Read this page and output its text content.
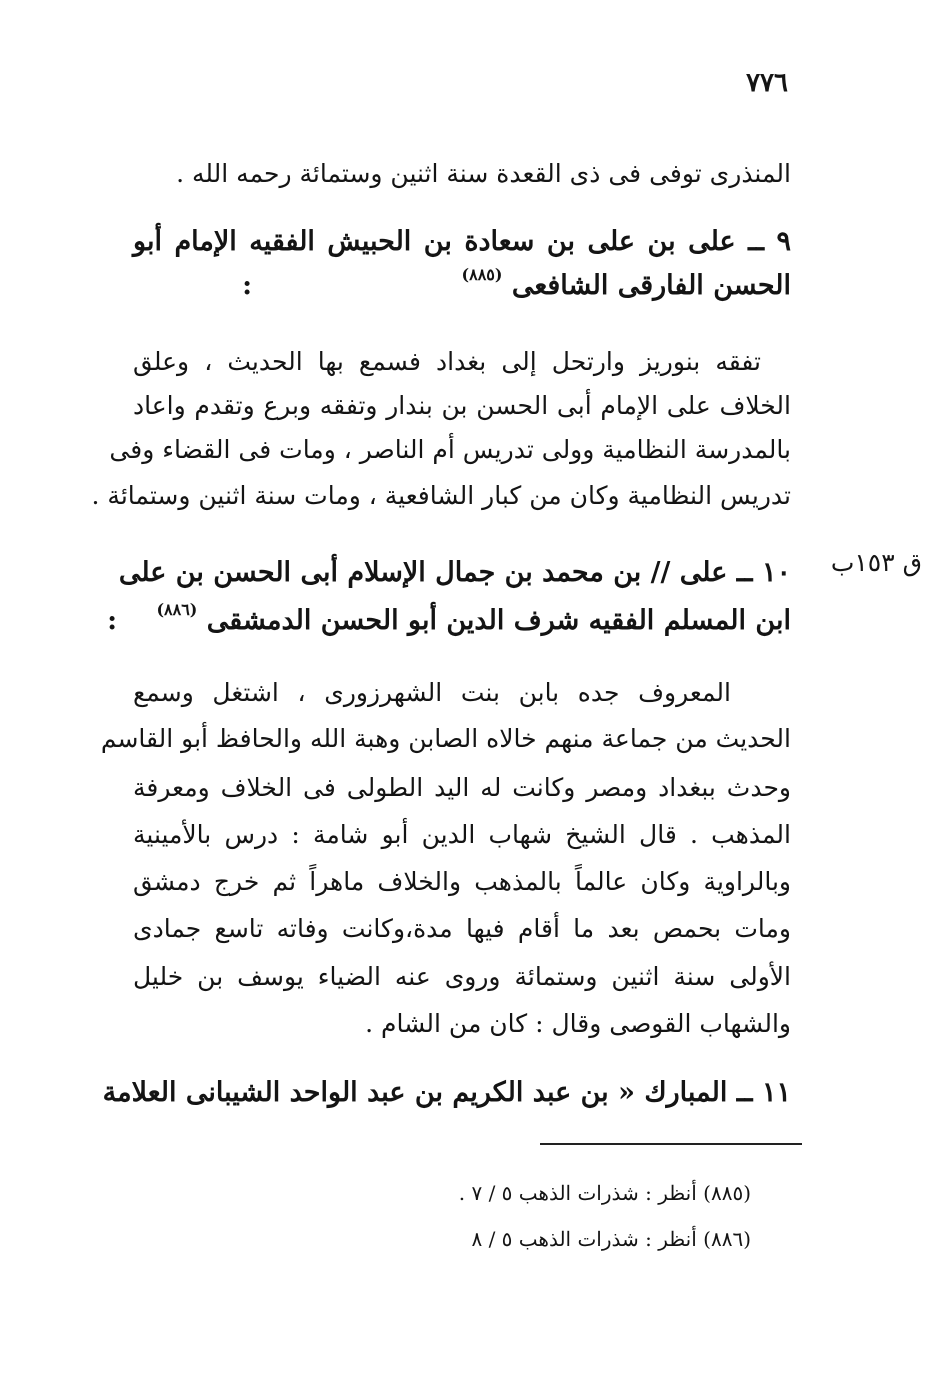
٧٧٦
المنذرى توفى فى ذى القعدة سنة اثنين وستمائة رحمه الله .
٩ ــ على بن على بن سعادة بن الحبيش الفقيه الإمام أبو
الحسن الفارقى الشافعى $^{(٨٨٥)}$ :
تفقه بنوريز وارتحل إلى بغداد فسمع بها الحديث ، وعلق
الخلاف على الإمام أبى الحسن بن بندار وتفقه وبرع وتقدم واعاد
بالمدرسة النظامية وولى تدريس أم الناصر ، ومات فى القضاء وفى
تدريس النظامية وكان من كبار الشافعية ، ومات سنة اثنين وستمائة .
ق ١٥٣ب
١٠ ــ على // بن محمد بن جمال الإسلام أبى الحسن بن على
ابن المسلم الفقيه شرف الدين أبو الحسن الدمشقى $^{(٨٨٦)}$ :
المعروف جده بابن بنت الشهرزورى ، اشتغل وسمع
الحديث من جماعة منهم خالاه الصابن وهبة الله والحافظ أبو القاسم
وحدث ببغداد ومصر وكانت له اليد الطولى فى الخلاف ومعرفة
المذهب . قال الشيخ شهاب الدين أبو شامة : درس بالأمينية
وبالراوية وكان عالماً بالمذهب والخلاف ماهراً ثم خرج دمشق
ومات بحمص بعد ما أقام فيها مدة،وكانت وفاته تاسع جمادى
الأولى سنة اثنين وستمائة وروى عنه الضياء يوسف بن خليل
والشهاب القوصى وقال : كان من الشام .
١١ ــ المبارك « بن عبد الكريم بن عبد الواحد الشيبانى العلامة
(٨٨٥) أنظر : شذرات الذهب ٥ / ٧ .
(٨٨٦) أنظر : شذرات الذهب ٥ / ٨
